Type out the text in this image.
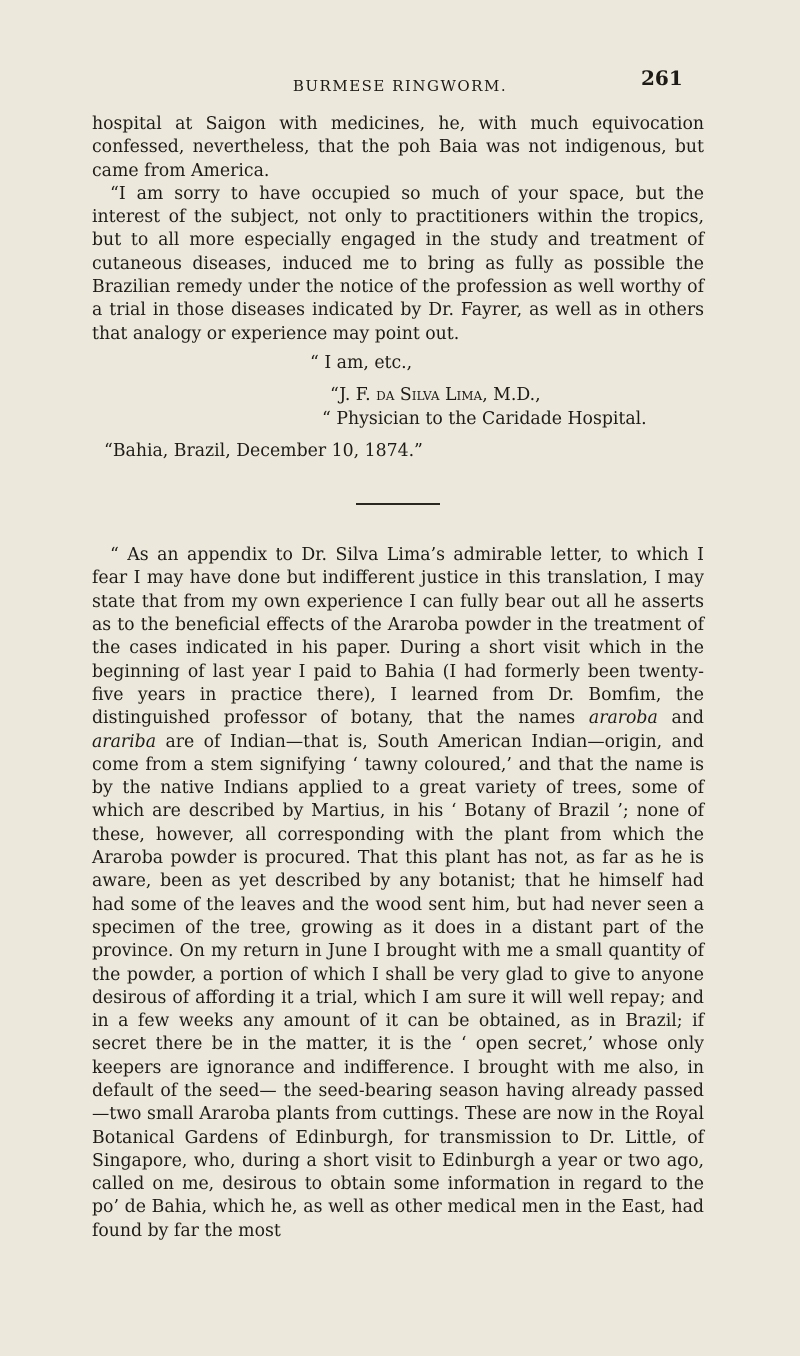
BURMESE RINGWORM.	261

hospital at Saigon with medicines, he, with much equivocation confessed, nevertheless, that the poh Baia was not indigenous, but came from America.

“I am sorry to have occupied so much of your space, but the interest of the subject, not only to practitioners within the tropics, but to all more especially engaged in the study and treatment of cutaneous diseases, induced me to bring as fully as possible the Brazilian remedy under the notice of the profession as well worthy of a trial in those diseases indicated by Dr. Fayrer, as well as in others that analogy or experience may point out.

“ I am, etc.,

“J. F. da Silva Lima, M.D.,

“ Physician to the Caridade Hospital.

“Bahia, Brazil, December 10, 1874.”

“ As an appendix to Dr. Silva Lima’s admirable letter, to which I fear I may have done but indifferent justice in this translation, I may state that from my own experience I can fully bear out all he asserts as to the beneficial effects of the Araroba powder in the treatment of the cases indicated in his paper. During a short visit which in the beginning of last year I paid to Bahia (I had formerly been twenty-five years in practice there), I learned from Dr. Bomfim, the distinguished professor of botany, that the names araroba and arariba are of Indian—that is, South American Indian—origin, and come from a stem signifying ‘ tawny coloured,’ and that the name is by the native Indians applied to a great variety of trees, some of which are described by Martius, in his ‘ Botany of Brazil ’; none of these, however, all corresponding with the plant from which the Araroba powder is procured. That this plant has not, as far as he is aware, been as yet described by any botanist; that he himself had had some of the leaves and the wood sent him, but had never seen a specimen of the tree, growing as it does in a distant part of the province. On my return in June I brought with me a small quantity of the powder, a portion of which I shall be very glad to give to anyone desirous of affording it a trial, which I am sure it will well repay; and in a few weeks any amount of it can be obtained, as in Brazil; if secret there be in the matter, it is the ‘ open secret,’ whose only keepers are ignorance and indifference. I brought with me also, in default of the seed— the seed-bearing season having already passed—two small Araroba plants from cuttings. These are now in the Royal Botanical Gardens of Edinburgh, for transmission to Dr. Little, of Singapore, who, during a short visit to Edinburgh a year or two ago, called on me, desirous to obtain some information in regard to the po’ de Bahia, which he, as well as other medical men in the East, had found by far the most
